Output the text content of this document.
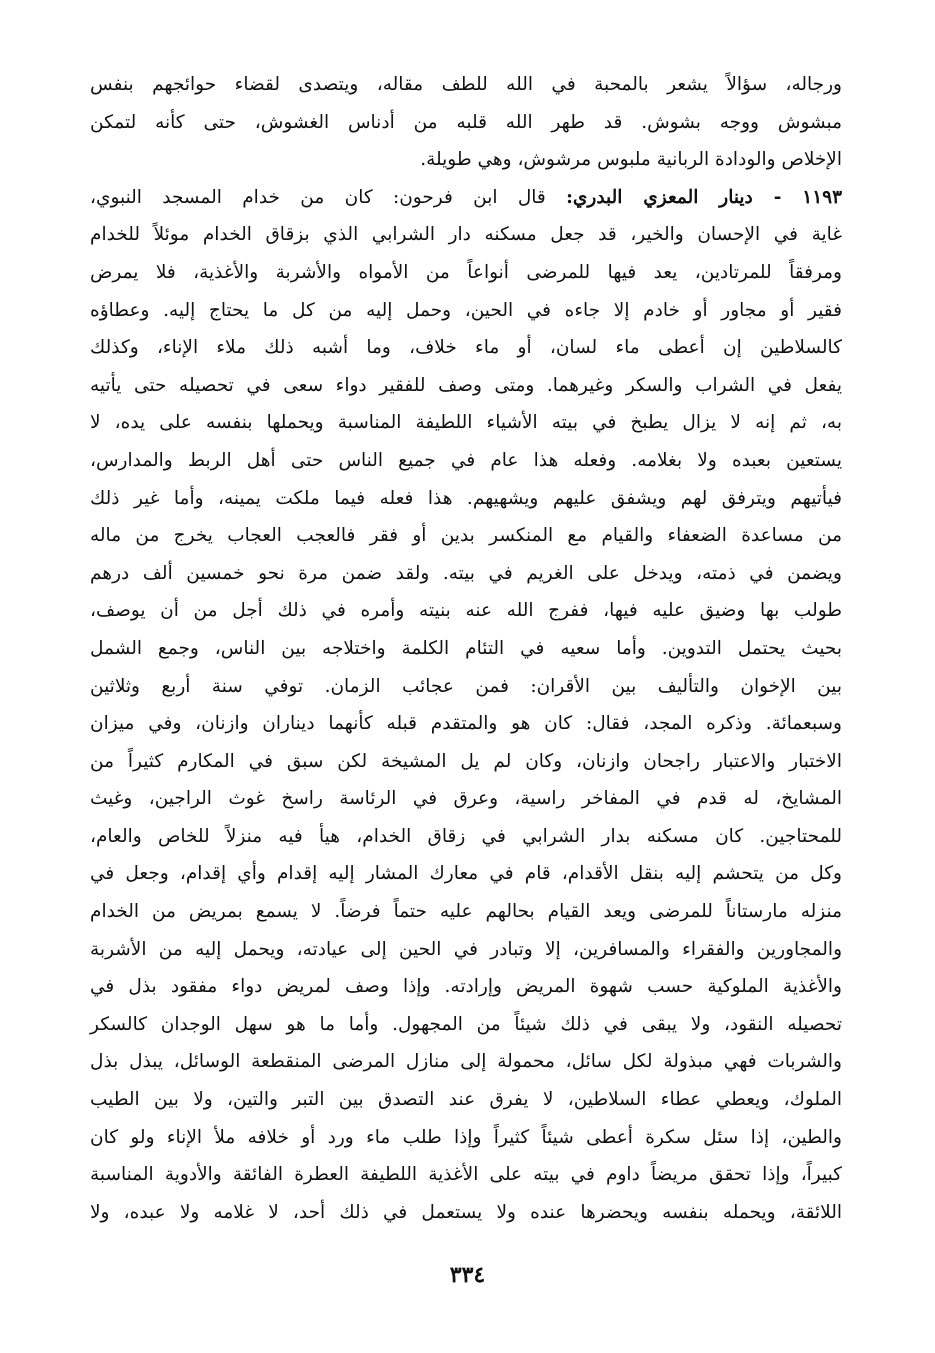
ورجاله، سؤالاً يشعر بالمحبة في الله للطف مقاله، ويتصدى لقضاء حوائجهم بنفس
مبشوش ووجه بشوش. قد طهر الله قلبه من أدناس الغشوش، حتى كأنه لتمكن
الإخلاص والودادة الربانية ملبوس مرشوش، وهي طويلة.
١١٩٣ - دينار المعزي البدري: قال ابن فرحون: كان من خدام المسجد النبوي،
غاية في الإحسان والخير، قد جعل مسكنه دار الشرابي الذي بزقاق الخدام موئلاً للخدام
ومرفقاً للمرتادين، يعد فيها للمرضى أنواعاً من الأمواه والأشربة والأغذية، فلا يمرض
فقير أو مجاور أو خادم إلا جاءه في الحين، وحمل إليه من كل ما يحتاج إليه. وعطاؤه
كالسلاطين إن أعطى ماء لسان، أو ماء خلاف، وما أشبه ذلك ملاء الإناء، وكذلك
يفعل في الشراب والسكر وغيرهما. ومتى وصف للفقير دواء سعى في تحصيله حتى يأتيه
به، ثم إنه لا يزال يطبخ في بيته الأشياء اللطيفة المناسبة ويحملها بنفسه على يده، لا
يستعين بعبده ولا بغلامه. وفعله هذا عام في جميع الناس حتى أهل الربط والمدارس،
فيأتيهم ويترفق لهم ويشفق عليهم ويشهيهم. هذا فعله فيما ملكت يمينه، وأما غير ذلك
من مساعدة الضعفاء والقيام مع المنكسر بدين أو فقر فالعجب العجاب يخرج من ماله
ويضمن في ذمته، ويدخل على الغريم في بيته. ولقد ضمن مرة نحو خمسين ألف درهم
طولب بها وضيق عليه فيها، ففرج الله عنه بنيته وأمره في ذلك أجل من أن يوصف،
بحيث يحتمل التدوين. وأما سعيه في التئام الكلمة واختلاجه بين الناس، وجمع الشمل
بين الإخوان والتأليف بين الأقران: فمن عجائب الزمان. توفي سنة أربع وثلاثين
وسبعمائة. وذكره المجد، فقال: كان هو والمتقدم قبله كأنهما ديناران وازنان، وفي ميزان
الاختبار والاعتبار راجحان وازنان، وكان لم يل المشيخة لكن سبق في المكارم كثيراً من
المشايخ، له قدم في المفاخر راسية، وعرق في الرئاسة راسخ غوث الراجين، وغيث
للمحتاجين. كان مسكنه بدار الشرابي في زقاق الخدام، هيأ فيه منزلاً للخاص والعام،
وكل من يتحشم إليه بنقل الأقدام، قام في معارك المشار إليه إقدام وأي إقدام، وجعل في
منزله مارستاناً للمرضى ويعد القيام بحالهم عليه حتماً فرضاً. لا يسمع بمريض من الخدام
والمجاورين والفقراء والمسافرين، إلا وتبادر في الحين إلى عيادته، ويحمل إليه من الأشربة
والأغذية الملوكية حسب شهوة المريض وإرادته. وإذا وصف لمريض دواء مفقود بذل في
تحصيله النقود، ولا يبقى في ذلك شيئاً من المجهول. وأما ما هو سهل الوجدان كالسكر
والشربات فهي مبذولة لكل سائل، محمولة إلى منازل المرضى المنقطعة الوسائل، يبذل بذل
الملوك، ويعطي عطاء السلاطين، لا يفرق عند التصدق بين التبر والتين، ولا بين الطيب
والطين، إذا سئل سكرة أعطى شيئاً كثيراً وإذا طلب ماء ورد أو خلافه ملأ الإناء ولو كان
كبيراً، وإذا تحقق مريضاً داوم في بيته على الأغذية اللطيفة العطرة الفائقة والأدوية المناسبة
اللائقة، ويحمله بنفسه ويحضرها عنده ولا يستعمل في ذلك أحد، لا غلامه ولا عبده، ولا
٣٣٤
